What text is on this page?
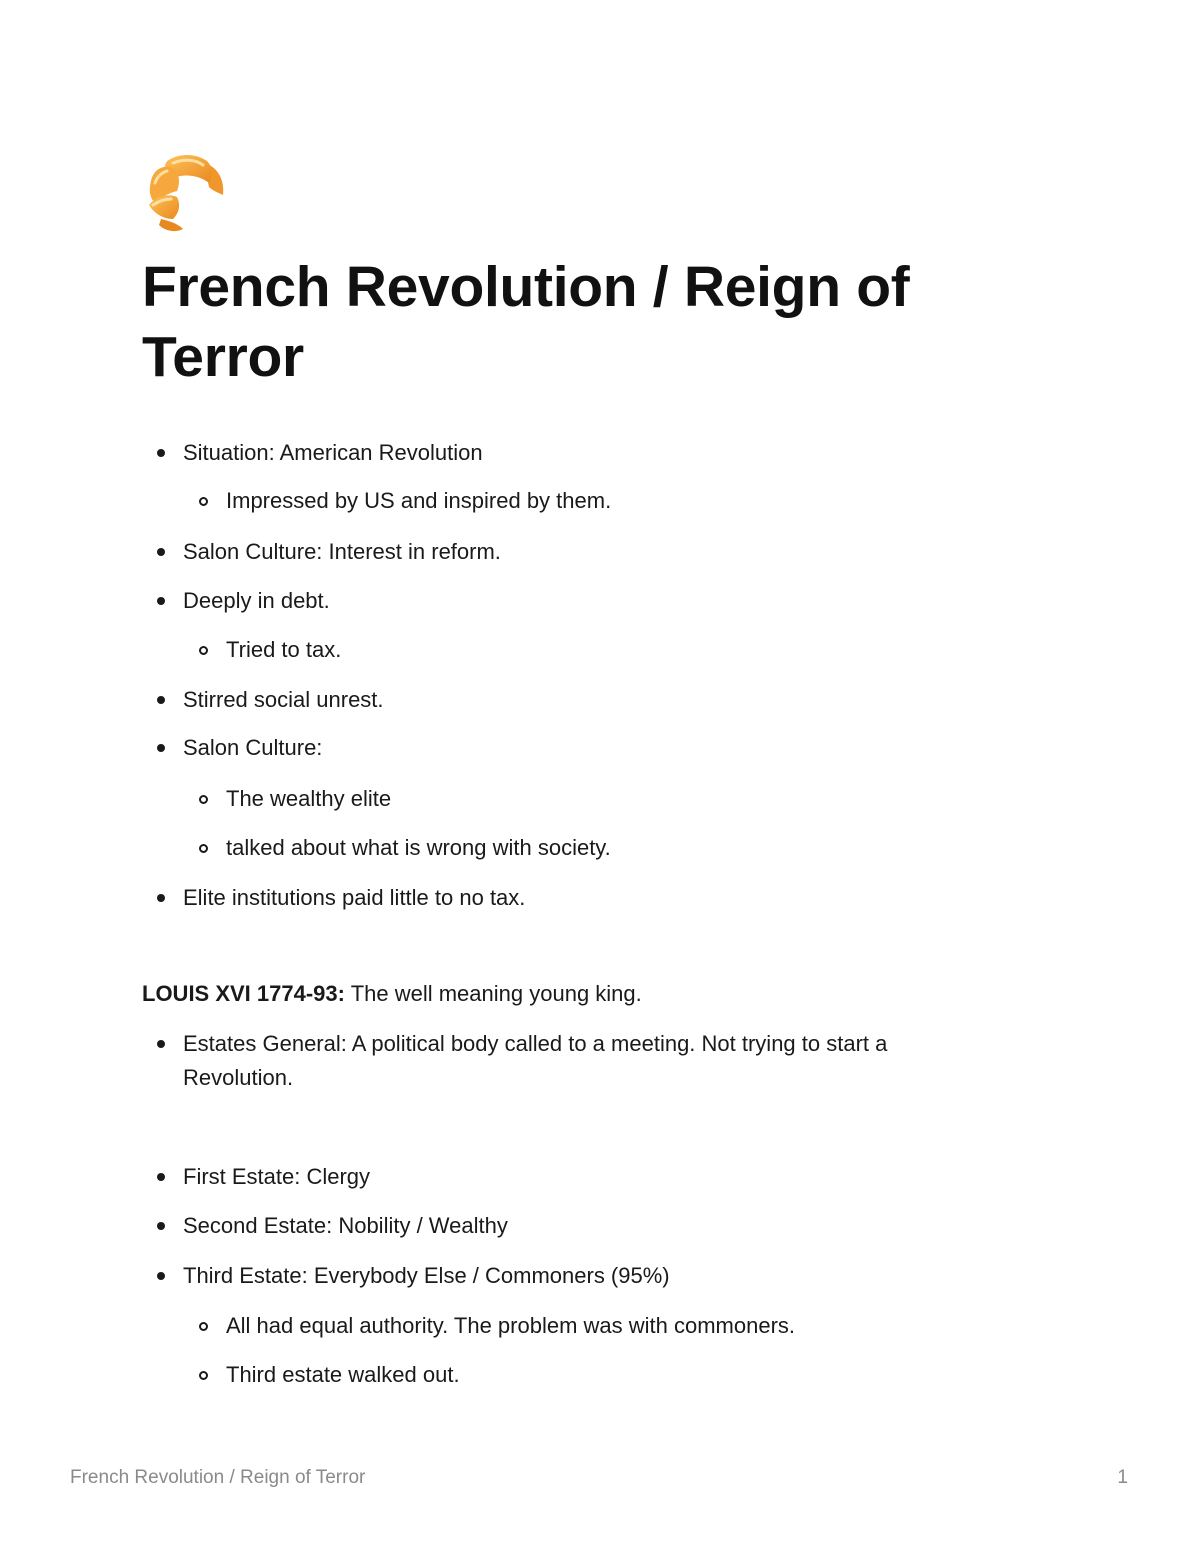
French Revolution / Reign of Terror
Situation: American Revolution
Impressed by US and inspired by them.
Salon Culture: Interest in reform.
Deeply in debt.
Tried to tax.
Stirred social unrest.
Salon Culture:
The wealthy elite
talked about what is wrong with society.
Elite institutions paid little to no tax.
LOUIS XVI 1774-93: The well meaning young king.
Estates General: A political body called to a meeting. Not trying to start a Revolution.
First Estate: Clergy
Second Estate: Nobility / Wealthy
Third Estate: Everybody Else / Commoners (95%)
All had equal authority. The problem was with commoners.
Third estate walked out.
French Revolution / Reign of Terror	1
